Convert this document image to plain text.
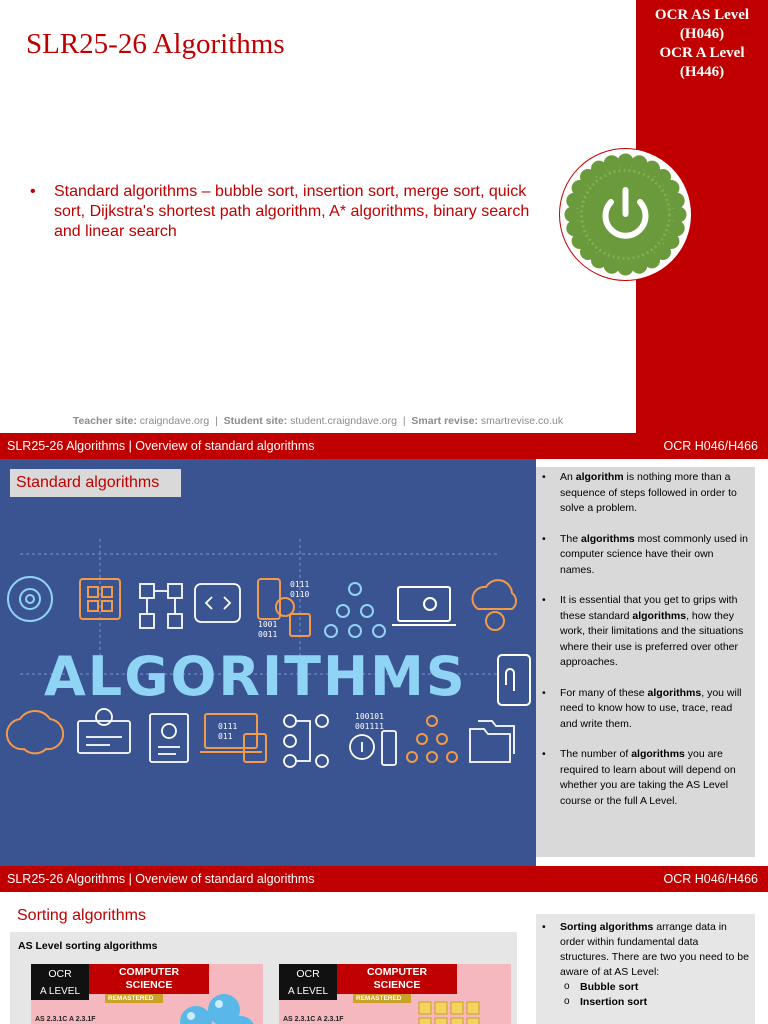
SLR25-26 Algorithms
OCR AS Level
(H046)
OCR A Level
(H446)
• Standard algorithms – bubble sort, insertion sort, merge sort, quick sort, Dijkstra's shortest path algorithm, A* algorithms, binary search and linear search
Teacher site: craigndave.org | Student site: student.craigndave.org | Smart revise: smartrevise.co.uk
SLR25-26 Algorithms | Overview of standard algorithms	OCR H046/H466
0111
0110
1001
0011
ALGORITHMS
0111
011
100101
001111
Standard algorithms
•	An algorithm is nothing more than a sequence of steps followed in order to solve a problem.
• The algorithms most commonly used in computer science have their own names.
• It is essential that you get to grips with these standard algorithms, how they work, their limitations and the situations where their use is preferred over other approaches.
• For many of these algorithms, you will need to know how to use, trace, read and write them.
• The number of algorithms you are required to learn about will depend on whether you are taking the AS Level course or the full A Level.
SLR25-26 Algorithms | Overview of standard algorithms	OCR H046/H466
Sorting algorithms
AS Level sorting algorithms
OCR
A LEVEL
COMPUTER
SCIENCE
REMASTERED
AS 2.3.1C A 2.3.1F
OCR
A LEVEL
COMPUTER
SCIENCE
REMASTERED
AS 2.3.1C A 2.3.1F
• Sorting algorithms arrange data in order within fundamental data structures. There are two you need to be aware of at AS Level:
o Bubble sort
o Insertion sort
